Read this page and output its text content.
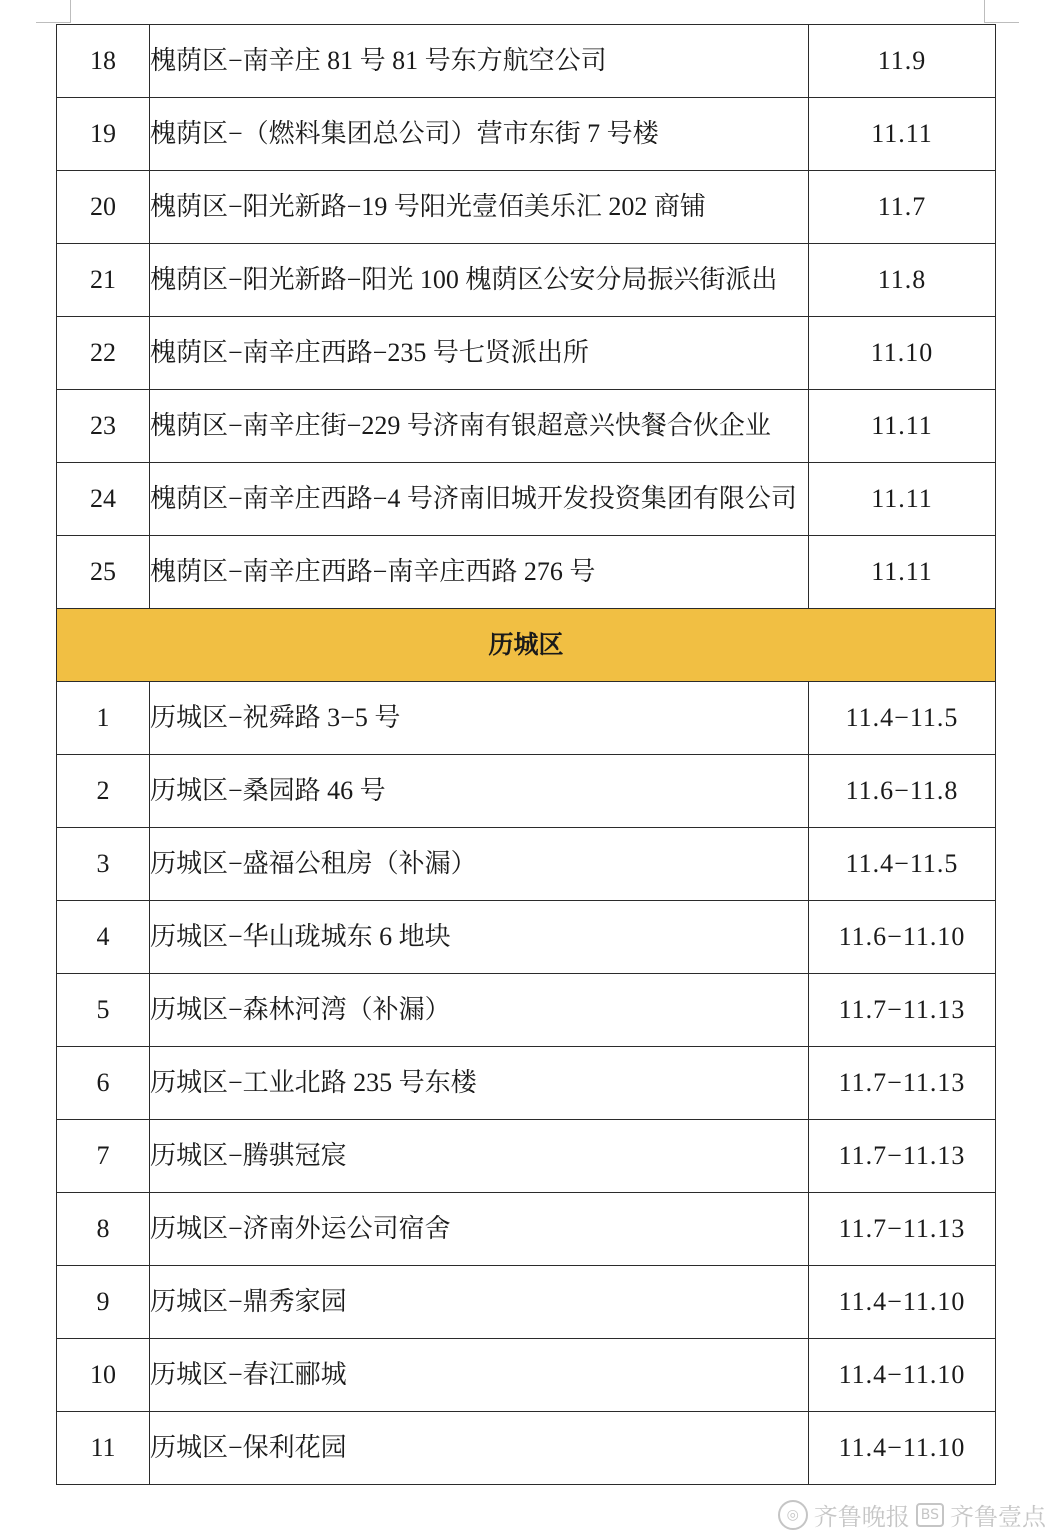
18	槐荫区−南辛庄 81 号 81 号东方航空公司	11.9
19	槐荫区−（燃料集团总公司）营市东街 7 号楼	11.11
20	槐荫区−阳光新路−19 号阳光壹佰美乐汇 202 商铺	11.7
21	槐荫区−阳光新路−阳光 100 槐荫区公安分局振兴街派出	11.8
22	槐荫区−南辛庄西路−235 号七贤派出所	11.10
23	槐荫区−南辛庄街−229 号济南有银超意兴快餐合伙企业	11.11
24	槐荫区−南辛庄西路−4 号济南旧城开发投资集团有限公司	11.11
25	槐荫区−南辛庄西路−南辛庄西路 276 号	11.11
历城区		
1	历城区−祝舜路 3−5 号	11.4−11.5
2	历城区−桑园路 46 号	11.6−11.8
3	历城区−盛福公租房（补漏）	11.4−11.5
4	历城区−华山珑城东 6 地块	11.6−11.10
5	历城区−森林河湾（补漏）	11.7−11.13
6	历城区−工业北路 235 号东楼	11.7−11.13
7	历城区−腾骐冠宸	11.7−11.13
8	历城区−济南外运公司宿舍	11.7−11.13
9	历城区−鼎秀家园	11.4−11.10
10	历城区−春江郦城	11.4−11.10
11	历城区−保利花园	11.4−11.10
◎ 齐鲁晚报 BS 齐鲁壹点
